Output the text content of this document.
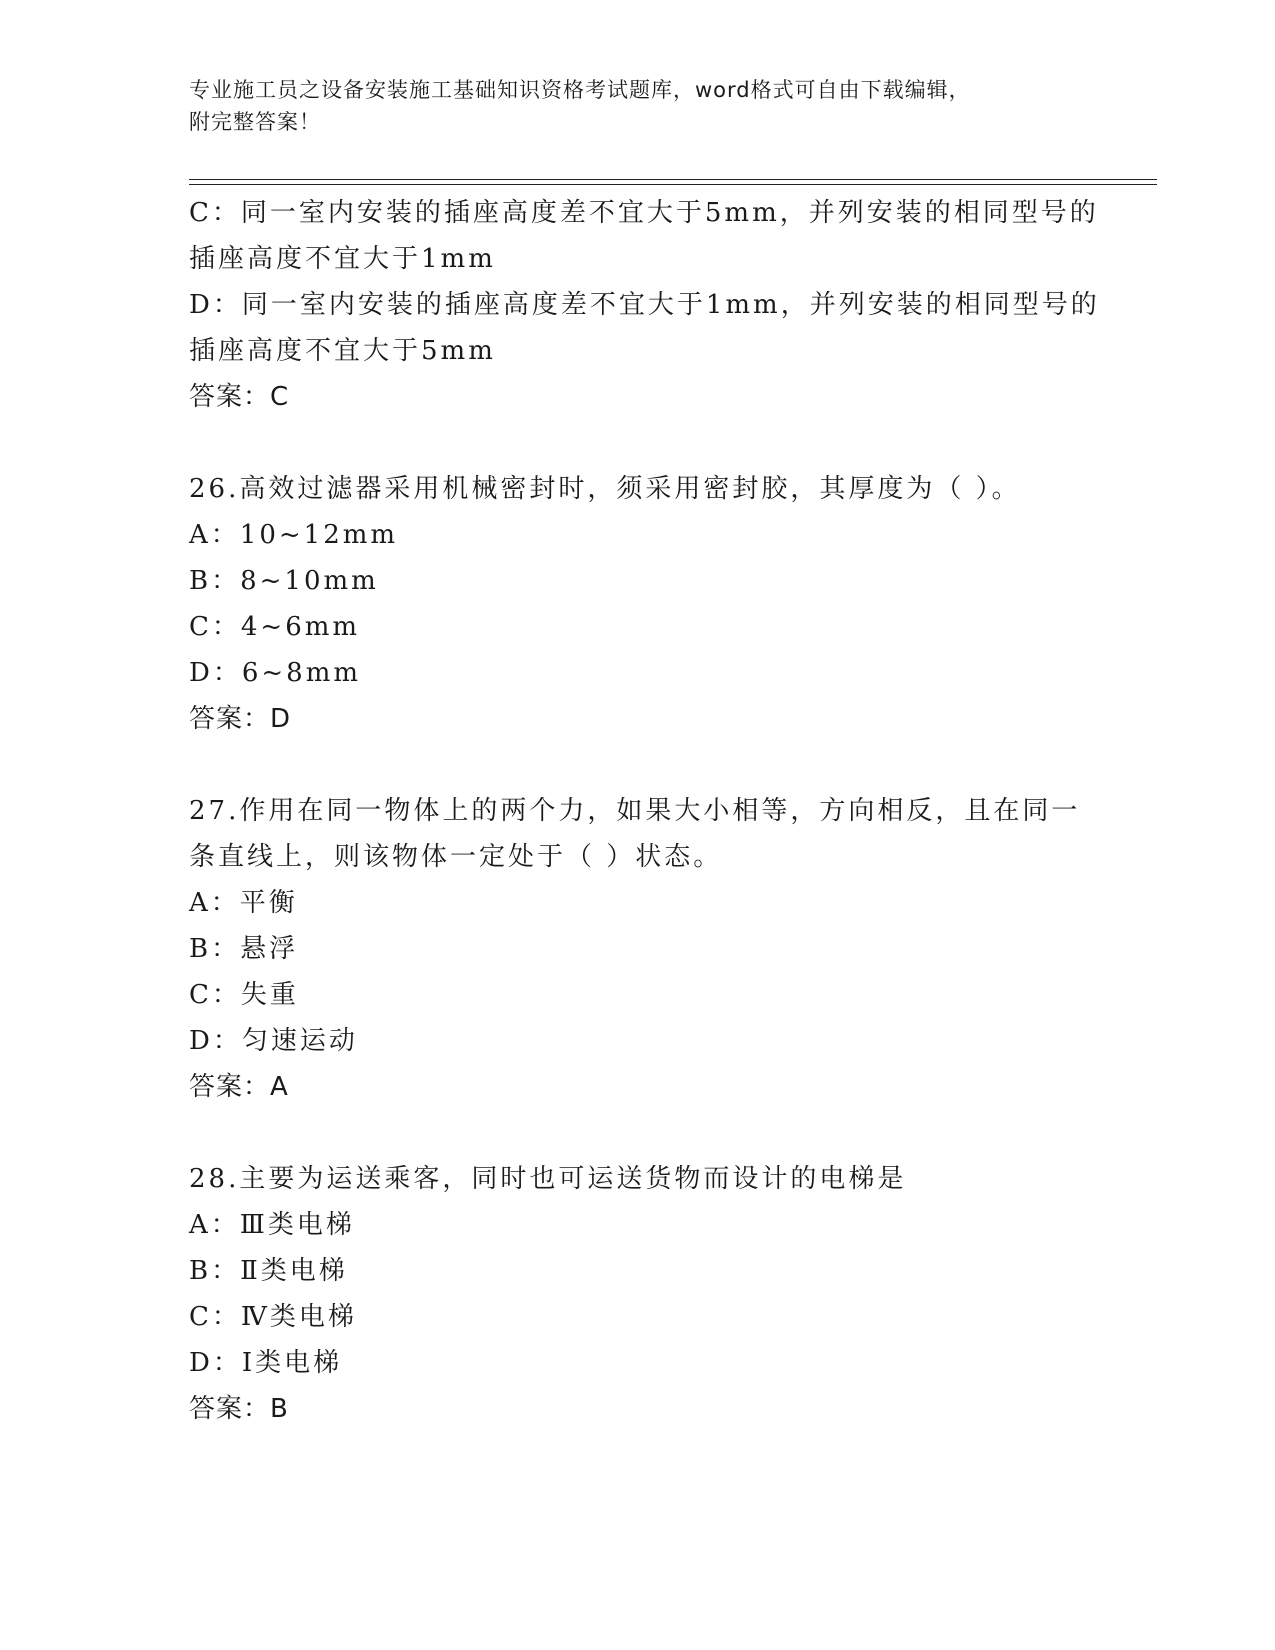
专业施工员之设备安装施工基础知识资格考试题库，word格式可自由下载编辑，
附完整答案！
C：同一室内安装的插座高度差不宜大于5mm，并列安装的相同型号的
插座高度不宜大于1mm
D：同一室内安装的插座高度差不宜大于1mm，并列安装的相同型号的
插座高度不宜大于5mm
答案：C
26.高效过滤器采用机械密封时，须采用密封胶，其厚度为（ ）。
A：10~12mm
B：8~10mm
C：4~6mm
D：6~8mm
答案：D
27.作用在同一物体上的两个力，如果大小相等，方向相反，且在同一
条直线上，则该物体一定处于（ ）状态。
A：平衡
B：悬浮
C：失重
D：匀速运动
答案：A
28.主要为运送乘客，同时也可运送货物而设计的电梯是
A：Ⅲ类电梯
B：Ⅱ类电梯
C：Ⅳ类电梯
D：Ⅰ类电梯
答案：B
